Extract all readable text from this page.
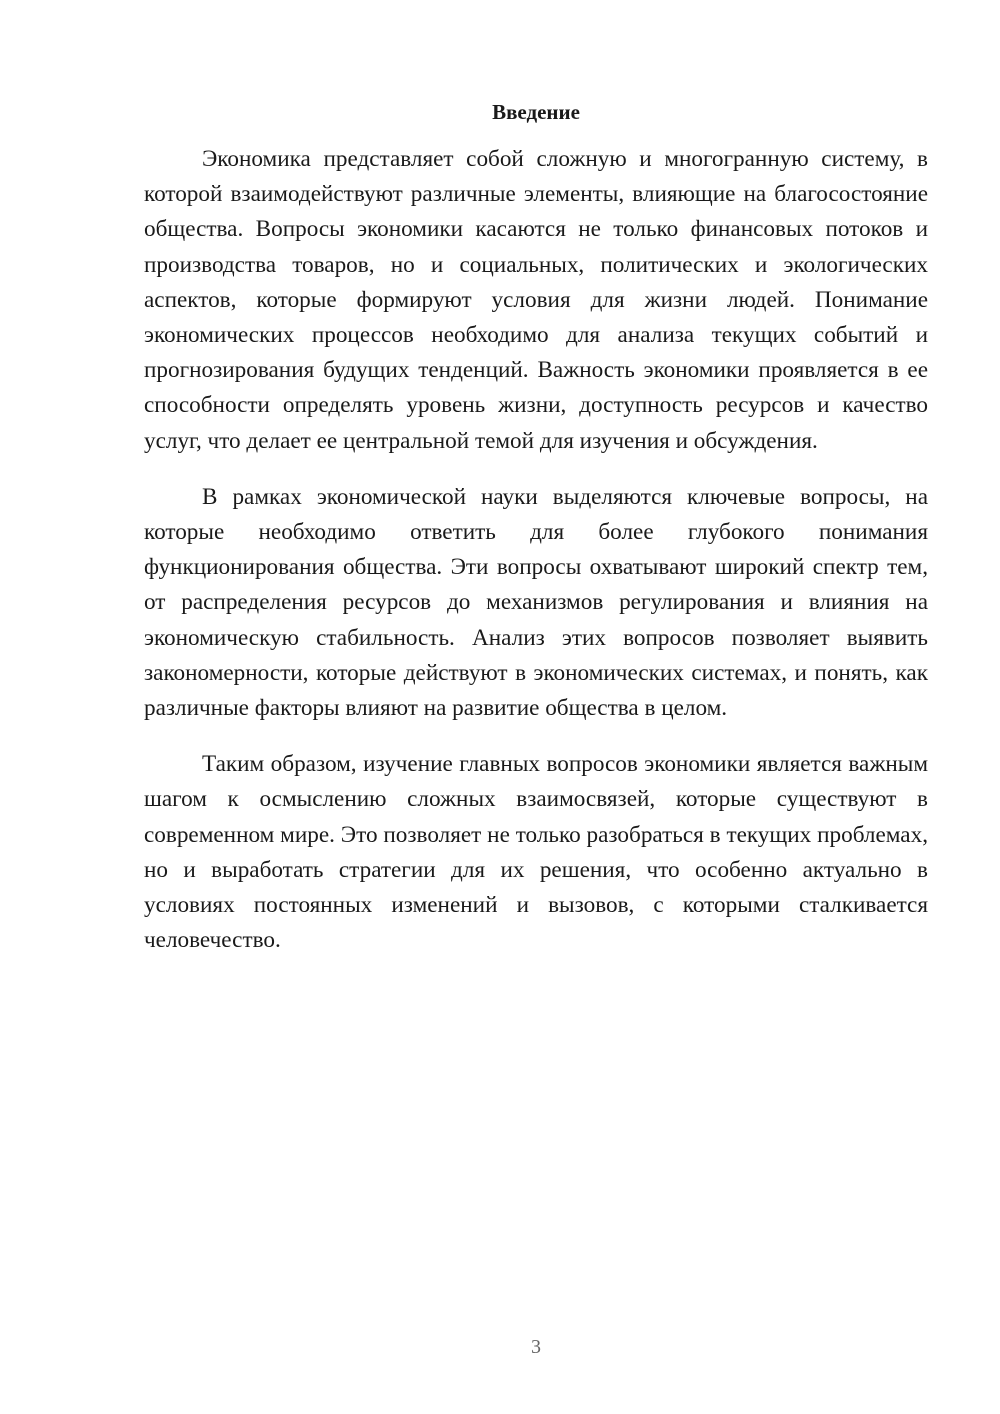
Введение

Экономика представляет собой сложную и многогранную систему, в которой взаимодействуют различные элементы, влияющие на благосостояние общества. Вопросы экономики касаются не только финансовых потоков и производства товаров, но и социальных, политических и экологических аспектов, которые формируют условия для жизни людей. Понимание экономических процессов необходимо для анализа текущих событий и прогнозирования будущих тенденций. Важность экономики проявляется в ее способности определять уровень жизни, доступность ресурсов и качество услуг, что делает ее центральной темой для изучения и обсуждения.

В рамках экономической науки выделяются ключевые вопросы, на которые необходимо ответить для более глубокого понимания функционирования общества. Эти вопросы охватывают широкий спектр тем, от распределения ресурсов до механизмов регулирования и влияния на экономическую стабильность. Анализ этих вопросов позволяет выявить закономерности, которые действуют в экономических системах, и понять, как различные факторы влияют на развитие общества в целом.

Таким образом, изучение главных вопросов экономики является важным шагом к осмыслению сложных взаимосвязей, которые существуют в современном мире. Это позволяет не только разобраться в текущих проблемах, но и выработать стратегии для их решения, что особенно актуально в условиях постоянных изменений и вызовов, с которыми сталкивается человечество.

3
